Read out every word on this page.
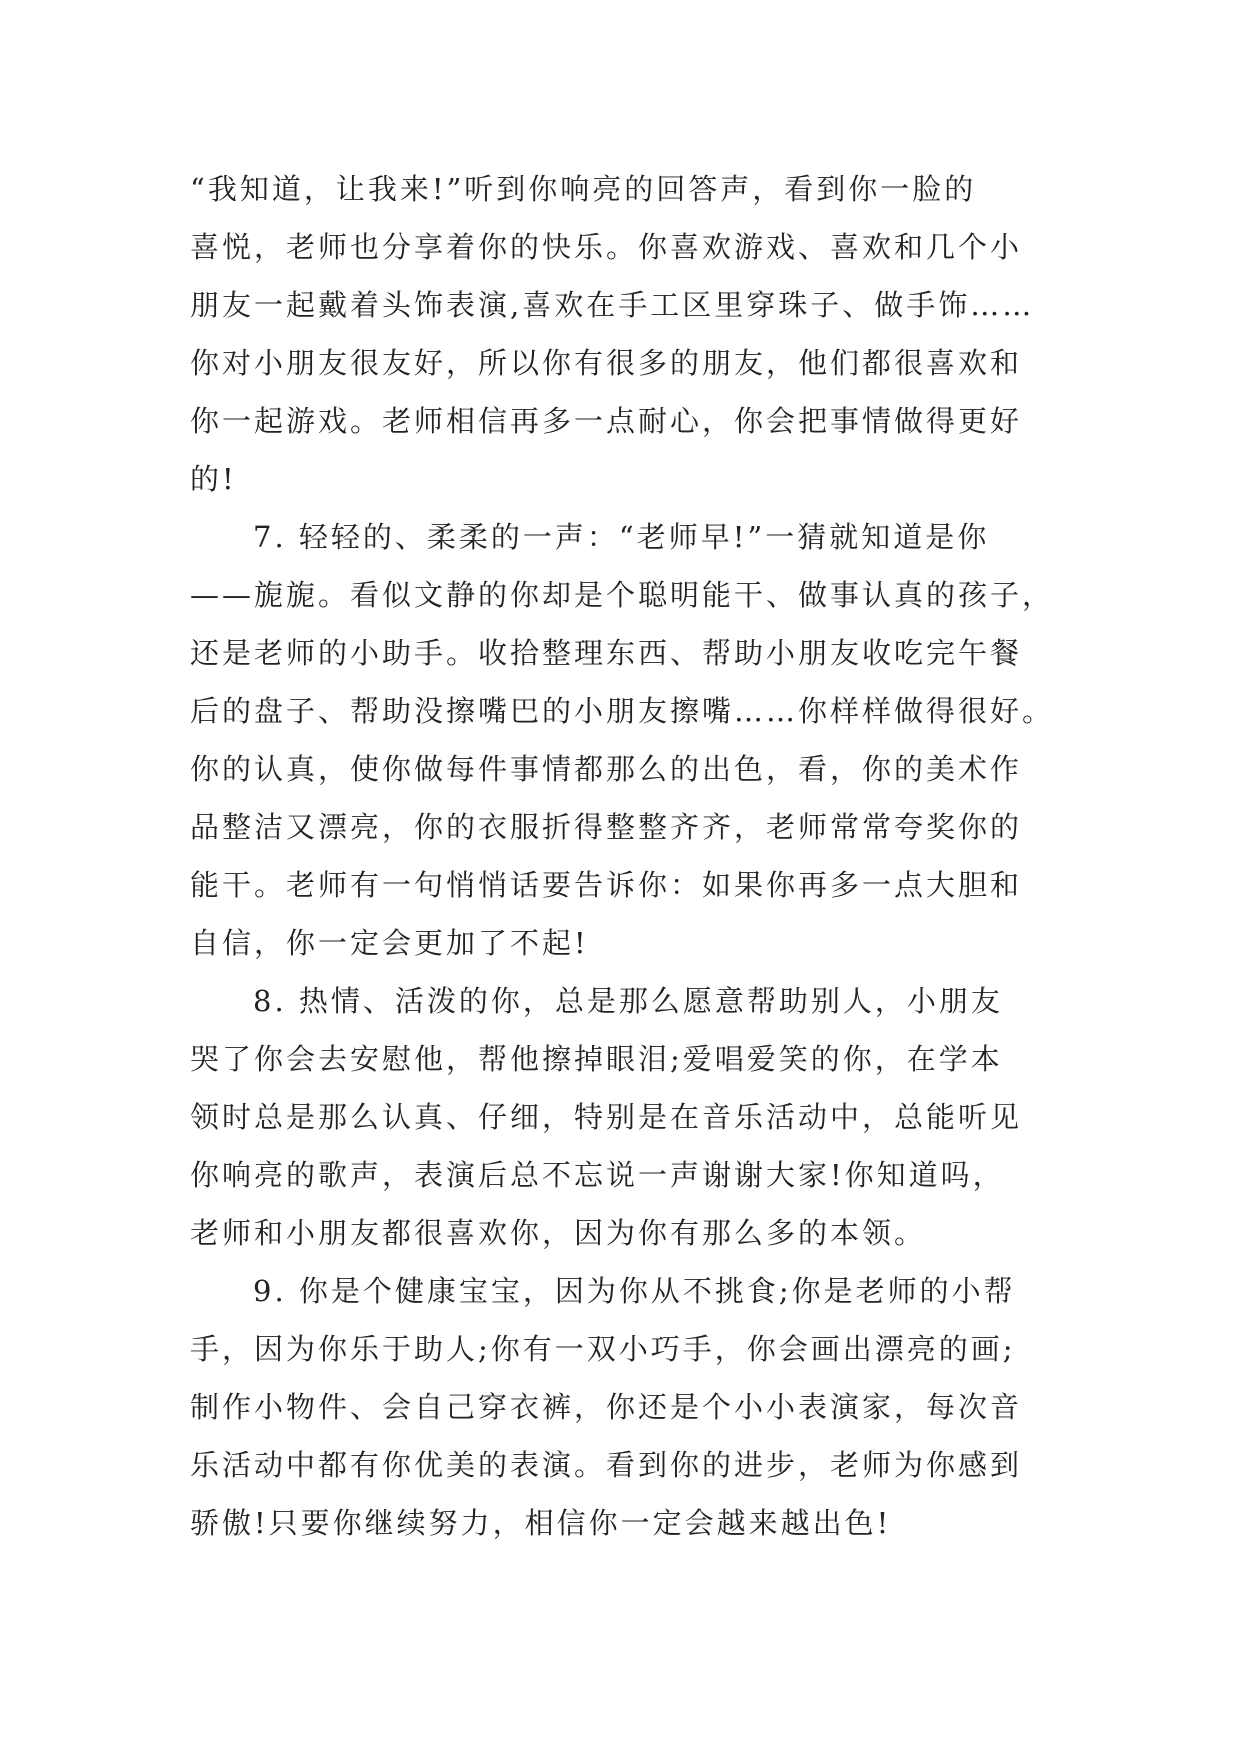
“我知道，让我来!”听到你响亮的回答声，看到你一脸的
喜悦，老师也分享着你的快乐。你喜欢游戏、喜欢和几个小
朋友一起戴着头饰表演,喜欢在手工区里穿珠子、做手饰……
你对小朋友很友好，所以你有很多的朋友，他们都很喜欢和
你一起游戏。老师相信再多一点耐心，你会把事情做得更好
的!
7. 轻轻的、柔柔的一声：“老师早!”一猜就知道是你
——旎旎。看似文静的你却是个聪明能干、做事认真的孩子，
还是老师的小助手。收拾整理东西、帮助小朋友收吃完午餐
后的盘子、帮助没擦嘴巴的小朋友擦嘴……你样样做得很好。
你的认真，使你做每件事情都那么的出色，看，你的美术作
品整洁又漂亮，你的衣服折得整整齐齐，老师常常夸奖你的
能干。老师有一句悄悄话要告诉你：如果你再多一点大胆和
自信，你一定会更加了不起!
8. 热情、活泼的你，总是那么愿意帮助别人，小朋友
哭了你会去安慰他，帮他擦掉眼泪;爱唱爱笑的你，在学本
领时总是那么认真、仔细，特别是在音乐活动中，总能听见
你响亮的歌声，表演后总不忘说一声谢谢大家!你知道吗，
老师和小朋友都很喜欢你，因为你有那么多的本领。
9. 你是个健康宝宝，因为你从不挑食;你是老师的小帮
手，因为你乐于助人;你有一双小巧手，你会画出漂亮的画;
制作小物件、会自己穿衣裤，你还是个小小表演家，每次音
乐活动中都有你优美的表演。看到你的进步，老师为你感到
骄傲!只要你继续努力，相信你一定会越来越出色!
